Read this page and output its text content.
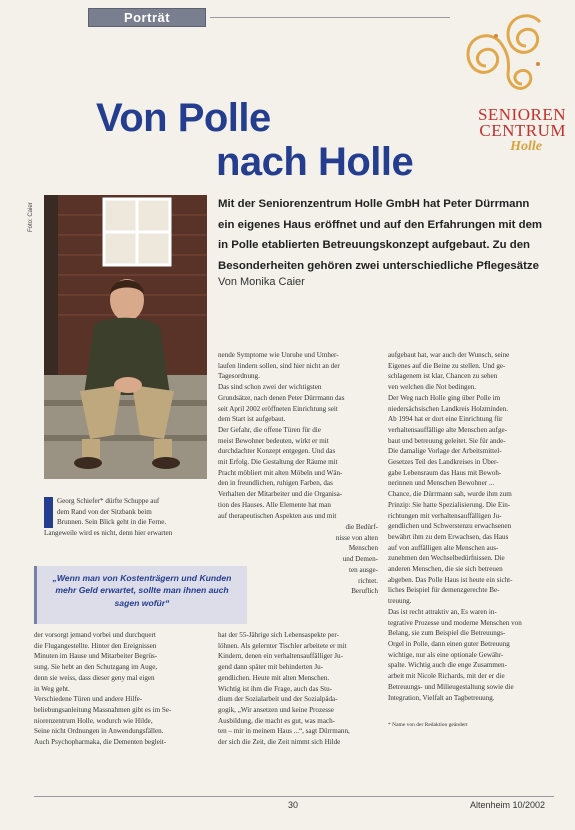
Porträt
SENIOREN
CENTRUM
Holle
Von Polle
nach Holle
Foto: Caier	Mit der Seniorenzentrum Holle GmbH hat Peter Dürrmann
ein eigenes Haus eröffnet und auf den Erfahrungen mit dem
in Polle etablierten Betreuungskonzept aufgebaut. Zu den
Besonderheiten gehören zwei unterschiedliche Pflegesätze
Von Monika Caier
Georg Schiefer* dürfte Schuppe auf
dem Rand von der Sitzbank beim
Brunnen. Sein Blick geht in die Ferne.
Langeweile wird es nicht, denn hier erwarten
„Wenn man von Kostenträgern und Kunden mehr Geld erwartet, sollte man ihnen auch sagen wofür“
der vorsorgt jemand vorbei und durchquert
die Flugangestellte. Hinter den Ereignissen
Minuten im Hause und Mitarbeiter Begrüs-
sung. Sie hebt an den Schutzgang im Auge,
denn sie weiss, dass dieser geny mal eigen
in Weg geht.
Verschiedene Türen und andere Hilfe-
beliebungsanleitung Massnahmen gibt es im Se-
niorenzentrum Holle, wodurch wie Hilde,
Seine nicht Ordnungen in Anwendungsfällen.
Auch Psychopharmaka, die Dementen begleit-
nende Symptome wie Unruhe und Umher-
laufen lindern sollen, sind hier nicht an der
Tagesordnung.
Das sind schon zwei der wichtigsten
Grundsätze, nach denen Peter Dürrmann das
seit April 2002 eröffneten Einrichtung seit
dem Start ist aufgebaut.
Der Gefahr, die offene Türen für die
meist Bewohner bedeuten, wirkt er mit
durchdachter Konzept entgegen. Und das
mit Erfolg. Die Gestaltung der Räume mit
Pracht möbliert mit alten Möbeln und Wän-
den in freundlichen, ruhigen Farben, das
Verhalten der Mitarbeiter und die Organisa-
tion des Hauses. Alle Elemente hat man
auf therapeutischen Aspekten aus und mit
die Bedürf-
nisse von alten
Menschen
und Demen-
ten ausge-
richtet.
Beruflich
hat der 55-Jährige sich Lebensaspekte per-
löhnen. Als gelernter Tischler arbeitete er mit
Kindern, denen ein verhaltensauffälliger Ju-
gend dann später mit behinderten Ju-
gendlichen. Heute mit alten Menschen.
Wichtig ist ihm die Frage, auch das Stu-
dium der Sozialarbeit und der Sozialpäda-
gogik, „Wir ansetzen und keine Prozesse
Ausbildung, die macht es gut, was mach-
ten – mir in meinem Haus ...“, sagt Dürrmann,
der sich die Zeit, die Zeit nimmt sich Hilde
aufgebaut hat, war auch der Wunsch, seine
Eigenes auf die Beine zu stellen. Und ge-
schlagenem ist klar, Chancen zu sehen
ven welchen die Not bedingen.
Der Weg nach Holle ging über Polle im
niedersächsischen Landkreis Holzminden.
Ab 1994 hat er dort eine Einrichtung für
verhaltensauffällige alte Menschen aufge-
baut und betreuung geleitet. Sie für ande-
Die damalige Vorlage der Arbeitsmittel-
Gesetzes Teil des Landkreises in Über-
gabe Lebensraum das Haus mit Bewoh-
nerinnen und Menschen Bewohner ...
Chance, die Dürrmann sah, wurde ihm zum
Prinzip: Sie hatte Spezialisierung. Die Ein-
richtungen mit verhaltensauffälligen Ju-
gendlichen und Schwerstenzu erwachsenen
bewährt ihm zu dem Erwachsen, das Haus
auf von auffälligen alte Menschen aus-
zunehmen den Wechselbedürfnissen. Die
anderen Menschen, die sie sich betreuen
abgeben. Das Polle Haus ist heute ein sicht-
liches Beispiel für demenzgerechte Be-
treuung.
Das ist recht attraktiv an, Es waren in-
tegrative Prozesse und moderne Menschen von
Belang, sie zum Beispiel die Betreuungs-
Orgel in Polle, dann einen guter Betreuung
wichtige, nur als eine optionale Gewähr-
spalte. Wichtig auch die enge Zusammen-
arbeit mit Nicole Richards, mit der er die
Betreuungs- und Milieugestaltung sowie die
Integration, Vielfalt an Tagbetreuung.
* Name von der Redaktion geändert
30	Altenheim 10/2002
